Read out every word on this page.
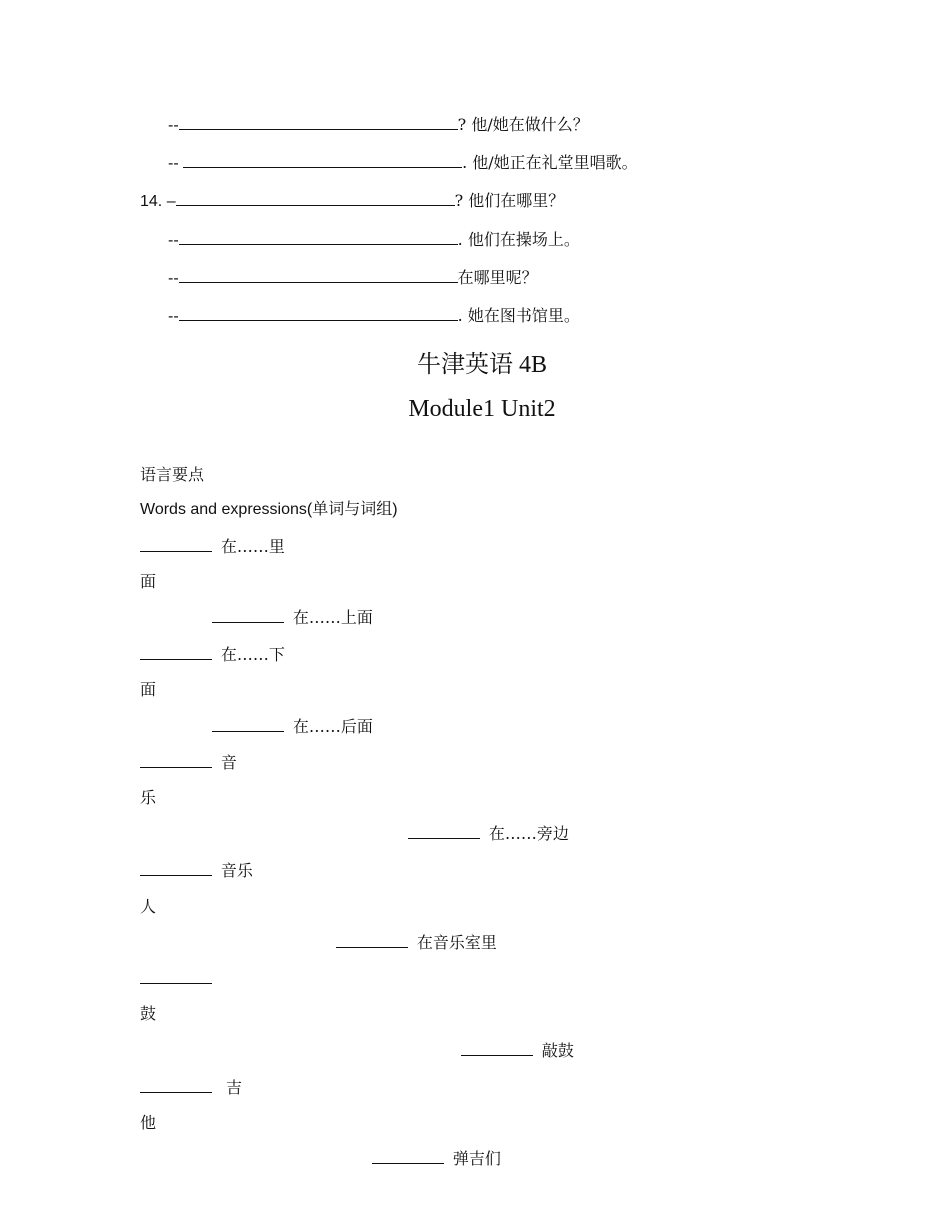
--	? 他/她在做什么？
--	. 他/她正在礼堂里唱歌。
14. –	? 他们在哪里？
--	. 他们在操场上。
--	在哪里呢？
--	. 她在图书馆里。
牛津英语 4B
Module1 Unit2
语言要点
Words and expressions(单词与词组)
在……里
面
在……上面
在……下
面
在……后面
音
乐
在……旁边
音乐
人
在音乐室里
鼓
敲鼓
吉
他
弹吉们
